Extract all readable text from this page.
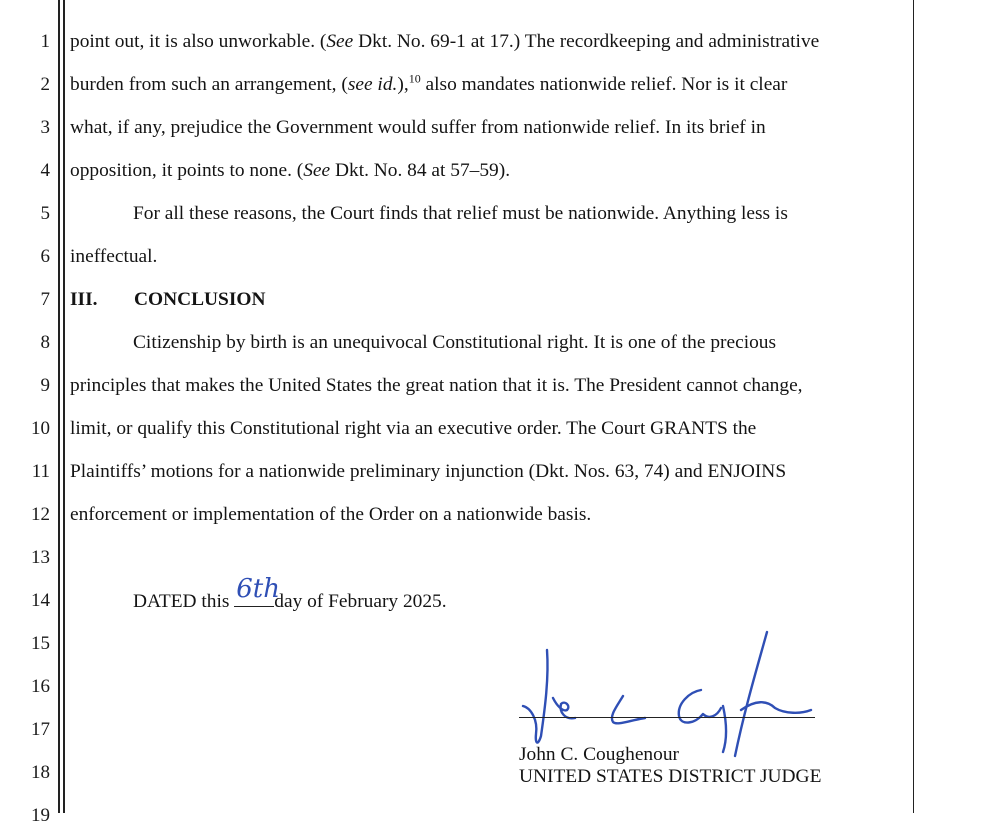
1
2
3
4
5
6
7
8
9
10
11
12
13
14
15
16
17
18
19
point out, it is also unworkable. (See Dkt. No. 69-1 at 17.) The recordkeeping and administrative
burden from such an arrangement, (see id.),$^{10}$ also mandates nationwide relief. Nor is it clear
what, if any, prejudice the Government would suffer from nationwide relief. In its brief in
opposition, it points to none. (See Dkt. No. 84 at 57–59).
For all these reasons, the Court finds that relief must be nationwide. Anything less is
ineffectual.
III. CONCLUSION
Citizenship by birth is an unequivocal Constitutional right. It is one of the precious
principles that makes the United States the great nation that it is. The President cannot change,
limit, or qualify this Constitutional right via an executive order. The Court GRANTS the
Plaintiffs’ motions for a nationwide preliminary injunction (Dkt. Nos. 63, 74) and ENJOINS
enforcement or implementation of the Order on a nationwide basis.
DATED this 6th
day of February 2025.
John C. Coughenour
UNITED STATES DISTRICT JUDGE
